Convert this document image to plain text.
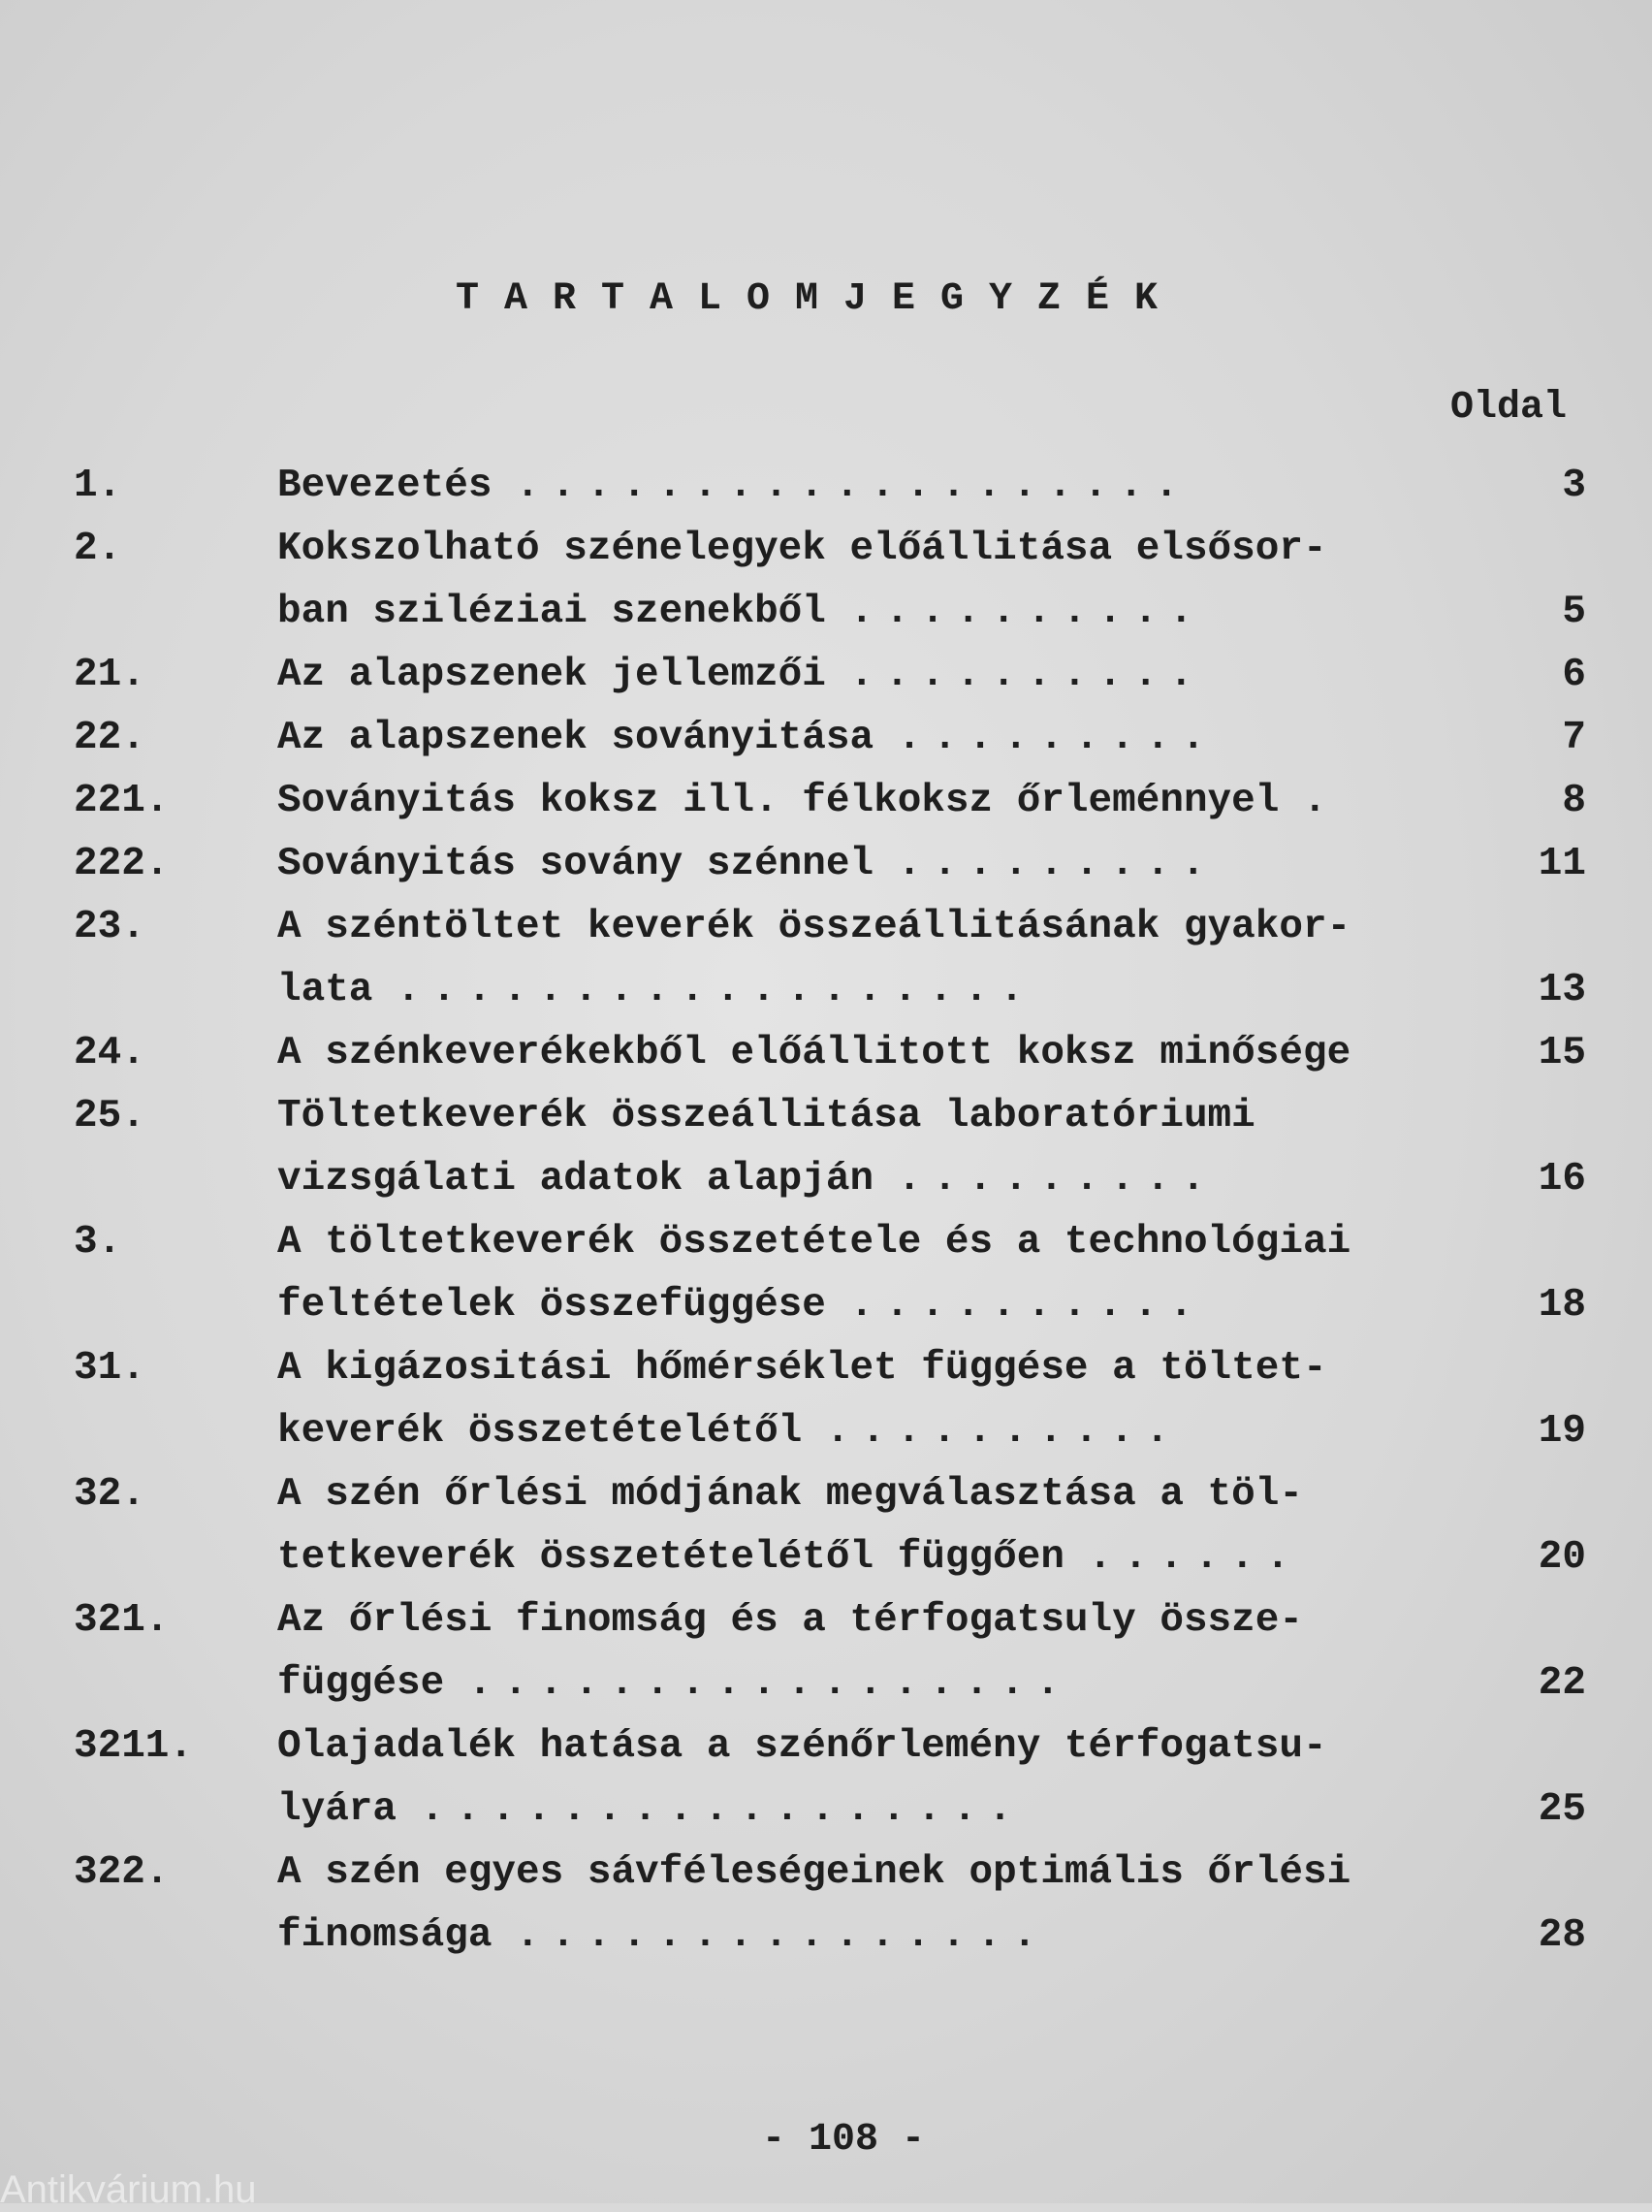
TARTALOMJEGYZÉK
Oldal
1.	Bevezetés ...................	3
2.	Kokszolható szénelegyek előállitása elsősor-
ban sziléziai szenekből ..........	5
21.	Az alapszenek jellemzői ..........	6
22.	Az alapszenek soványitása .........	7
221.	Soványitás koksz ill. félkoksz őrleménnyel .	8
222.	Soványitás sovány szénnel .........	11
23.	A széntöltet keverék összeállitásának gyakor-
lata ..................	13
24.	A szénkeverékekből előállitott koksz minősége	15
25.	Töltetkeverék összeállitása laboratóriumi
vizsgálati adatok alapján .........	16
3.	A töltetkeverék összetétele és a technológiai
feltételek összefüggése ..........	18
31.	A kigázositási hőmérséklet függése a töltet-
keverék összetételétől ..........	19
32.	A szén őrlési módjának megválasztása a töl-
tetkeverék összetételétől függően ......	20
321.	Az őrlési finomság és a térfogatsuly össze-
függése .................	22
3211. Olajadalék hatása a szénőrlemény térfogatsu-
lyára .................	25
322.	A szén egyes sávféleségeinek optimális őrlési
finomsága ...............	28
- 108 -
Antikvárium.hu
